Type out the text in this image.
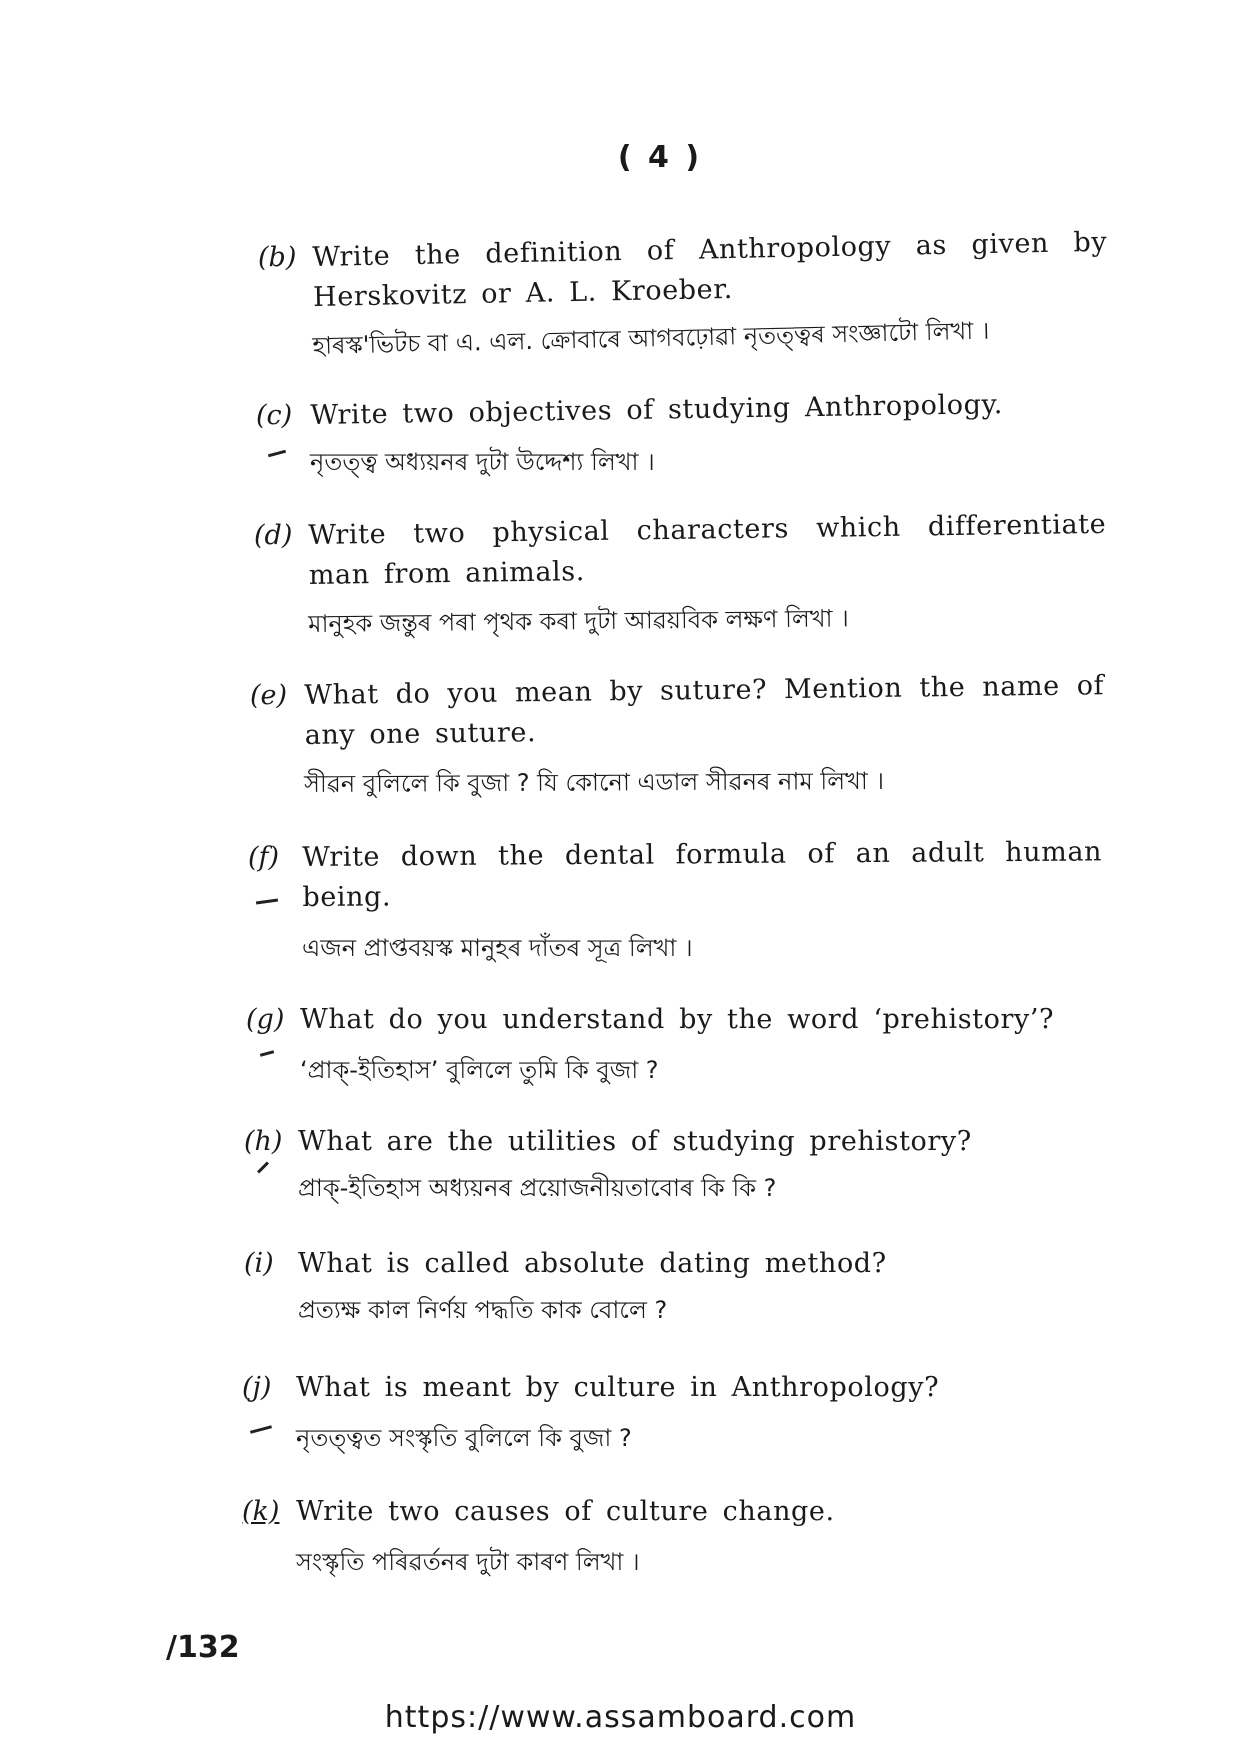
( 4 )
(b) Write the definition of Anthropology as given by Herskovitz or A. L. Kroeber.
হাৰস্ক'ভিটচ বা এ. এল. ক্ৰোবাৰে আগবঢ়োৱা নৃতত্ত্বৰ সংজ্ঞাটো লিখা ।
(c) Write two objectives of studying Anthropology.
নৃতত্ত্ব অধ্যয়নৰ দুটা উদ্দেশ্য লিখা ।
(d) Write two physical characters which differentiate man from animals.
মানুহক জন্তুৰ পৰা পৃথক কৰা দুটা আৱয়বিক লক্ষণ লিখা ।
(e) What do you mean by suture? Mention the name of any one suture.
সীৱন বুলিলে কি বুজা ? যি কোনো এডাল সীৱনৰ নাম লিখা ।
(f) Write down the dental formula of an adult human being.
এজন প্ৰাপ্তবয়স্ক মানুহৰ দাঁতৰ সূত্ৰ লিখা ।
(g) What do you understand by the word ‘prehistory’?
‘প্ৰাক্-ইতিহাস’ বুলিলে তুমি কি বুজা ?
(h) What are the utilities of studying prehistory?
প্ৰাক্-ইতিহাস অধ্যয়নৰ প্ৰয়োজনীয়তাবোৰ কি কি ?
(i) What is called absolute dating method?
প্ৰত্যক্ষ কাল নিৰ্ণয় পদ্ধতি কাক বোলে ?
(j) What is meant by culture in Anthropology?
নৃতত্ত্বত সংস্কৃতি বুলিলে কি বুজা ?
(k) Write two causes of culture change.
সংস্কৃতি পৰিৱৰ্তনৰ দুটা কাৰণ লিখা ।
/132
https://www.assamboard.com
